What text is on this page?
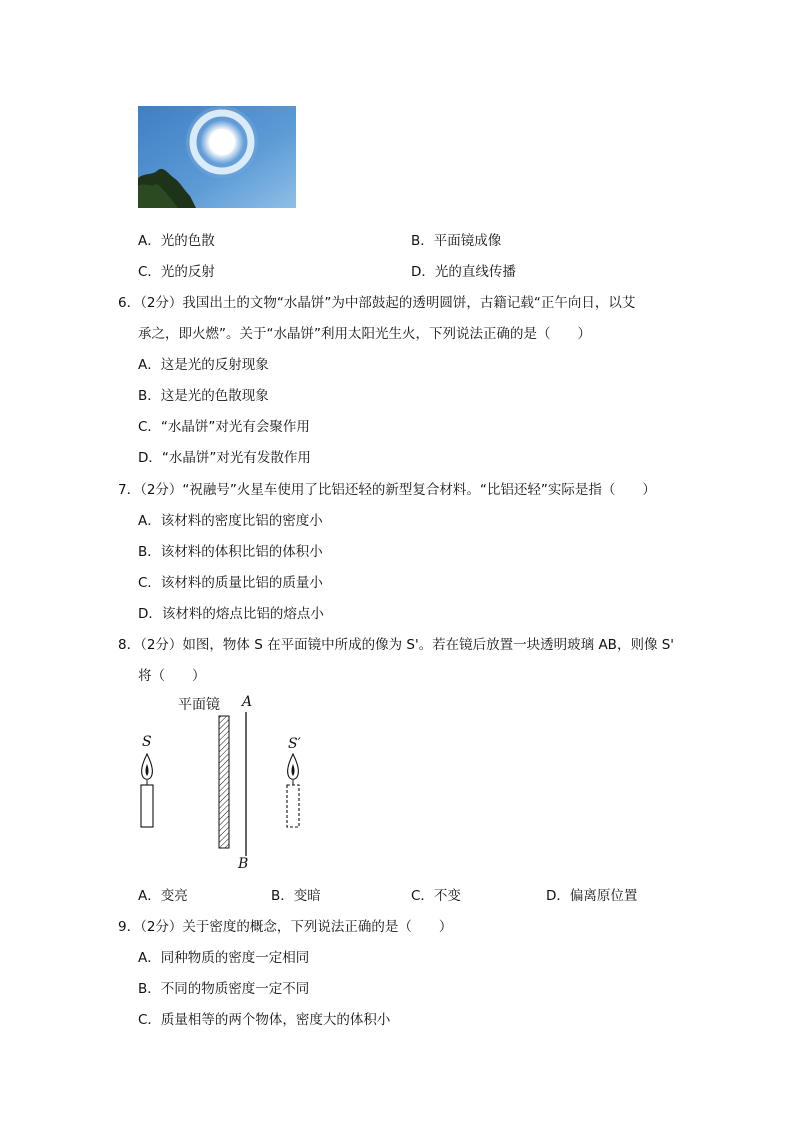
A．光的色散	B．平面镜成像
C．光的反射	D．光的直线传播
6．（2分）我国出土的文物“水晶饼”为中部鼓起的透明圆饼，古籍记载“正午向日，以艾
承之，即火燃”。关于“水晶饼”利用太阳光生火，下列说法正确的是（　　）
A．这是光的反射现象
B．这是光的色散现象
C．“水晶饼”对光有会聚作用
D．“水晶饼”对光有发散作用
7．（2分）“祝融号”火星车使用了比铝还轻的新型复合材料。“比铝还轻”实际是指（　　）
A．该材料的密度比铝的密度小
B．该材料的体积比铝的体积小
C．该材料的质量比铝的质量小
D．该材料的熔点比铝的熔点小
8．（2分）如图，物体 S 在平面镜中所成的像为 S'。若在镜后放置一块透明玻璃 AB，则像 S'
将（　　）
平面镜 A
B
S	S′
A．变亮	B．变暗	C．不变	D．偏离原位置
9．（2分）关于密度的概念，下列说法正确的是（　　）
A．同种物质的密度一定相同
B．不同的物质密度一定不同
C．质量相等的两个物体，密度大的体积小
